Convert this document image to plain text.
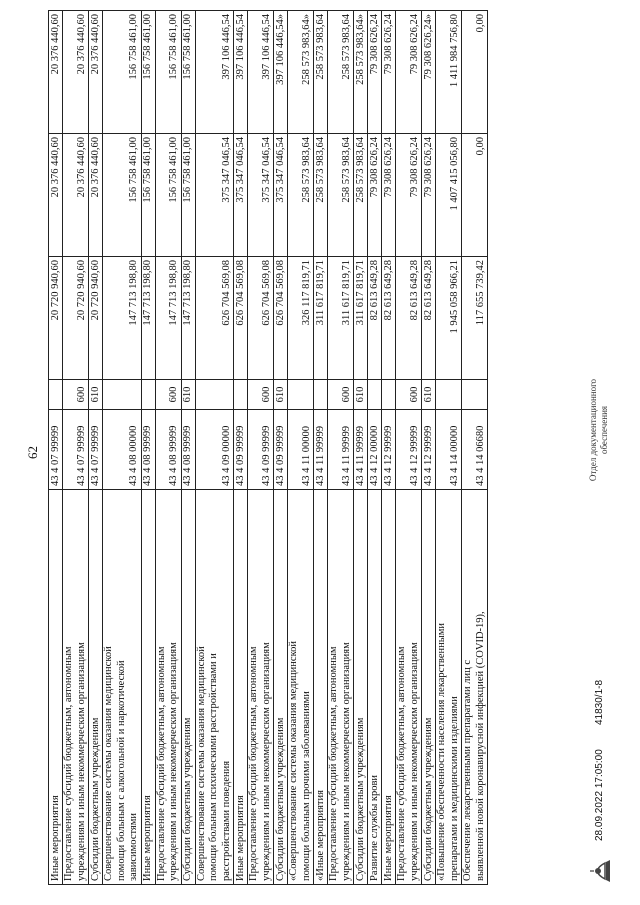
62
Иные мероприятия	43 4 07 99999		20 720 940,60	20 376 440,60	20 376 440,60
Предоставление субсидий бюджетным, автономным
учреждениям и иным некоммерческим организациям	43 4 07 99999	600	20 720 940,60	20 376 440,60	20 376 440,60
Субсидии бюджетным учреждениям	43 4 07 99999	610	20 720 940,60	20 376 440,60	20 376 440,60
Совершенствование системы оказания медицинской
помощи больным с алкогольной и наркотической
зависимостями	43 4 08 00000		147 713 198,80	156 758 461,00	156 758 461,00
Иные мероприятия	43 4 08 99999		147 713 198,80	156 758 461,00	156 758 461,00
Предоставление субсидий бюджетным, автономным
учреждениям и иным некоммерческим организациям	43 4 08 99999	600	147 713 198,80	156 758 461,00	156 758 461,00
Субсидии бюджетным учреждениям	43 4 08 99999	610	147 713 198,80	156 758 461,00	156 758 461,00
Совершенствование системы оказания медицинской
помощи больным психическими расстройствами и
расстройствами поведения	43 4 09 00000		626 704 569,08	375 347 046,54	397 106 446,54
Иные мероприятия	43 4 09 99999		626 704 569,08	375 347 046,54	397 106 446,54
Предоставление субсидий бюджетным, автономным
учреждениям и иным некоммерческим организациям	43 4 09 99999	600	626 704 569,08	375 347 046,54	397 106 446,54
Субсидии бюджетным учреждениям	43 4 09 99999	610	626 704 569,08	375 347 046,54	397 106 446,54»
«Совершенствование системы оказания медицинской
помощи больным прочими заболеваниями	43 4 11 00000		326 117 819,71	258 573 983,64	258 573 983,64»
«Иные мероприятия	43 4 11 99999		311 617 819,71	258 573 983,64	258 573 983,64
Предоставление субсидий бюджетным, автономным
учреждениям и иным некоммерческим организациям	43 4 11 99999	600	311 617 819,71	258 573 983,64	258 573 983,64
Субсидии бюджетным учреждениям	43 4 11 99999	610	311 617 819,71	258 573 983,64	258 573 983,64»
Развитие службы крови	43 4 12 00000		82 613 649,28	79 308 626,24	79 308 626,24
Иные мероприятия	43 4 12 99999		82 613 649,28	79 308 626,24	79 308 626,24
Предоставление субсидий бюджетным, автономным
учреждениям и иным некоммерческим организациям	43 4 12 99999	600	82 613 649,28	79 308 626,24	79 308 626,24
Субсидии бюджетным учреждениям	43 4 12 99999	610	82 613 649,28	79 308 626,24	79 308 626,24»
«Повышение обеспеченности населения лекарственными
препаратами и медицинскими изделиями	43 4 14 00000		1 945 058 966,21	1 407 415 056,80	1 411 984 756,80
Обеспечение лекарственными препаратами лиц с
выявленной новой коронавирусной инфекцией (COVID-19),	43 4 14 06680		117 655 739,42	0,00	0,00
28.09.2022 17:05:00
41830/1-8
Отдел документационного обеспечения
